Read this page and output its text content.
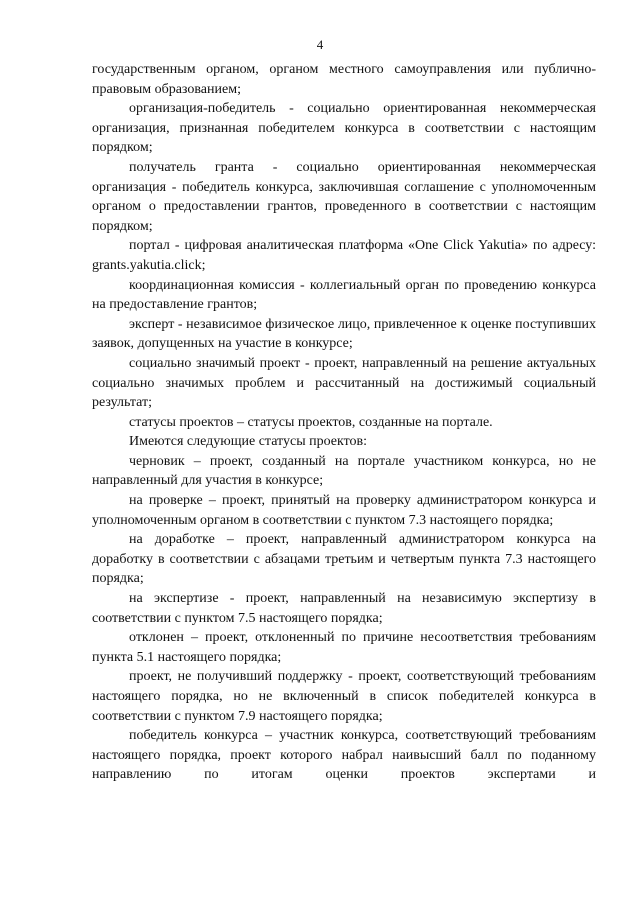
4

государственным органом, органом местного самоуправления или публично-правовым образованием;

организация-победитель - социально ориентированная некоммерческая организация, признанная победителем конкурса в соответствии с настоящим порядком;

получатель гранта - социально ориентированная некоммерческая организация - победитель конкурса, заключившая соглашение с уполномоченным органом о предоставлении грантов, проведенного в соответствии с настоящим порядком;

портал - цифровая аналитическая платформа «One Click Yakutia» по адресу: grants.yakutia.click;

координационная комиссия - коллегиальный орган по проведению конкурса на предоставление грантов;

эксперт - независимое физическое лицо, привлеченное к оценке поступивших заявок, допущенных на участие в конкурсе;

социально значимый проект - проект, направленный на решение актуальных социально значимых проблем и рассчитанный на достижимый социальный результат;

статусы проектов – статусы проектов, созданные на портале.

Имеются следующие статусы проектов:

черновик – проект, созданный на портале участником конкурса, но не направленный для участия в конкурсе;

на проверке – проект, принятый на проверку администратором конкурса и уполномоченным органом в соответствии с пунктом 7.3 настоящего порядка;

на доработке – проект, направленный администратором конкурса на доработку в соответствии с абзацами третьим и четвертым пункта 7.3 настоящего порядка;

на экспертизе - проект, направленный на независимую экспертизу в соответствии с пунктом 7.5 настоящего порядка;

отклонен – проект, отклоненный по причине несоответствия требованиям пункта 5.1 настоящего порядка;

проект, не получивший поддержку - проект, соответствующий требованиям настоящего порядка, но не включенный в список победителей конкурса в соответствии с пунктом 7.9 настоящего порядка;

победитель конкурса – участник конкурса, соответствующий требованиям настоящего порядка, проект которого набрал наивысший балл по поданному направлению по итогам оценки проектов экспертами и
